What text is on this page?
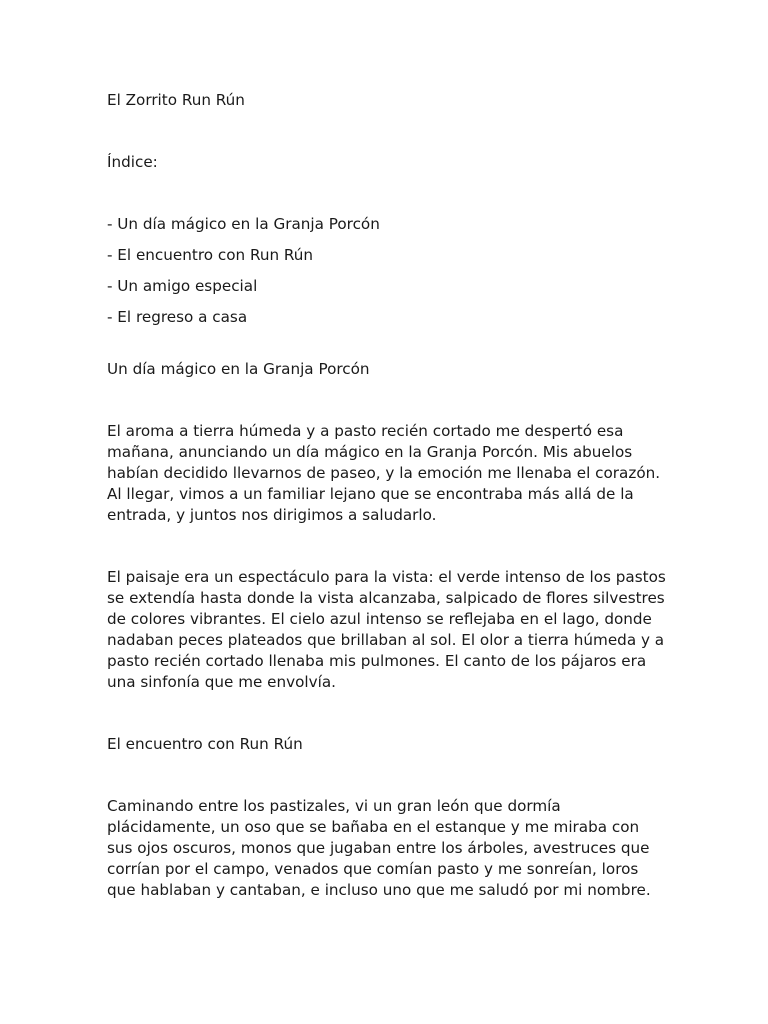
El Zorrito Run Rún

Índice:

- Un día mágico en la Granja Porcón

- El encuentro con Run Rún

- Un amigo especial

- El regreso a casa

Un día mágico en la Granja Porcón

El aroma a tierra húmeda y a pasto recién cortado me despertó esa mañana, anunciando un día mágico en la Granja Porcón. Mis abuelos habían decidido llevarnos de paseo, y la emoción me llenaba el corazón. Al llegar, vimos a un familiar lejano que se encontraba más allá de la entrada, y juntos nos dirigimos a saludarlo.

El paisaje era un espectáculo para la vista: el verde intenso de los pastos se extendía hasta donde la vista alcanzaba, salpicado de flores silvestres de colores vibrantes. El cielo azul intenso se reflejaba en el lago, donde nadaban peces plateados que brillaban al sol. El olor a tierra húmeda y a pasto recién cortado llenaba mis pulmones. El canto de los pájaros era una sinfonía que me envolvía.

El encuentro con Run Rún

Caminando entre los pastizales, vi un gran león que dormía plácidamente, un oso que se bañaba en el estanque y me miraba con sus ojos oscuros, monos que jugaban entre los árboles, avestruces que corrían por el campo, venados que comían pasto y me sonreían, loros que hablaban y cantaban, e incluso uno que me saludó por mi nombre.
